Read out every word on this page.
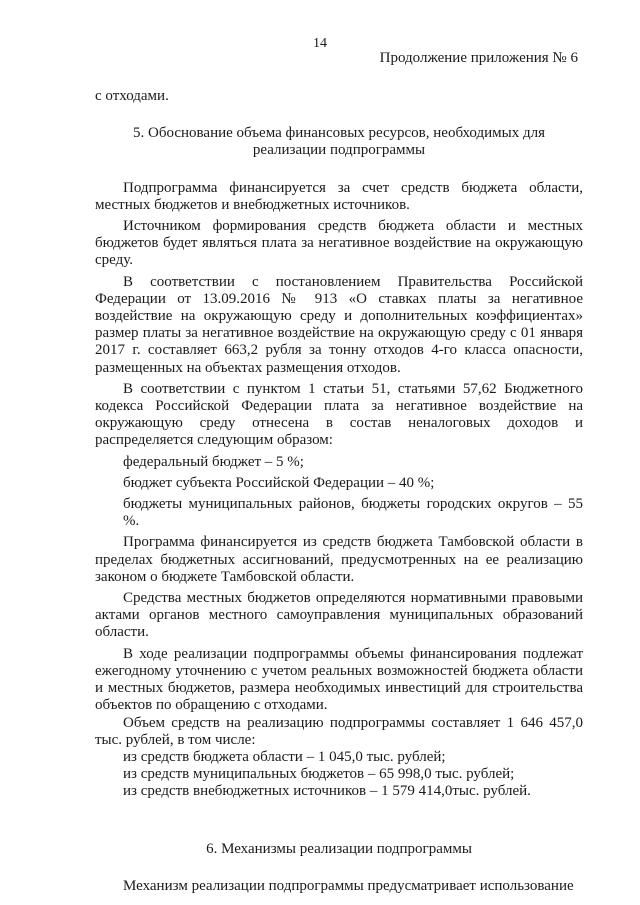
14
Продолжение приложения № 6

с отходами.

5. Обоснование объема финансовых ресурсов, необходимых для
реализации подпрограммы

Подпрограмма финансируется за счет средств бюджета области, местных бюджетов и внебюджетных источников.

Источником формирования средств бюджета области и местных бюджетов будет являться плата за негативное воздействие на окружающую среду.

В соответствии с постановлением Правительства Российской Федерации от 13.09.2016 № 913 «О ставках платы за негативное воздействие на окружающую среду и дополнительных коэффициентах» размер платы за негативное воздействие на окружающую среду с 01 января 2017 г. составляет 663,2 рубля за тонну отходов 4-го класса опасности, размещенных на объектах размещения отходов.

В соответствии с пунктом 1 статьи 51, статьями 57,62 Бюджетного кодекса Российской Федерации плата за негативное воздействие на окружающую среду отнесена в состав неналоговых доходов и распределяется следующим образом:

федеральный бюджет – 5 %;

бюджет субъекта Российской Федерации – 40 %;

бюджеты муниципальных районов, бюджеты городских округов – 55 %.

Программа финансируется из средств бюджета Тамбовской области в пределах бюджетных ассигнований, предусмотренных на ее реализацию законом о бюджете Тамбовской области.

Средства местных бюджетов определяются нормативными правовыми актами органов местного самоуправления муниципальных образований области.

В ходе реализации подпрограммы объемы финансирования подлежат ежегодному уточнению с учетом реальных возможностей бюджета области и местных бюджетов, размера необходимых инвестиций для строительства объектов по обращению с отходами.

Объем средств на реализацию подпрограммы составляет 1 646 457,0 тыс. рублей, в том числе:

из средств бюджета области – 1 045,0 тыс. рублей;

из средств муниципальных бюджетов – 65 998,0 тыс. рублей;

из средств внебюджетных источников – 1 579 414,0тыс. рублей.

6. Механизмы реализации подпрограммы

Механизм реализации подпрограммы предусматривает использование
